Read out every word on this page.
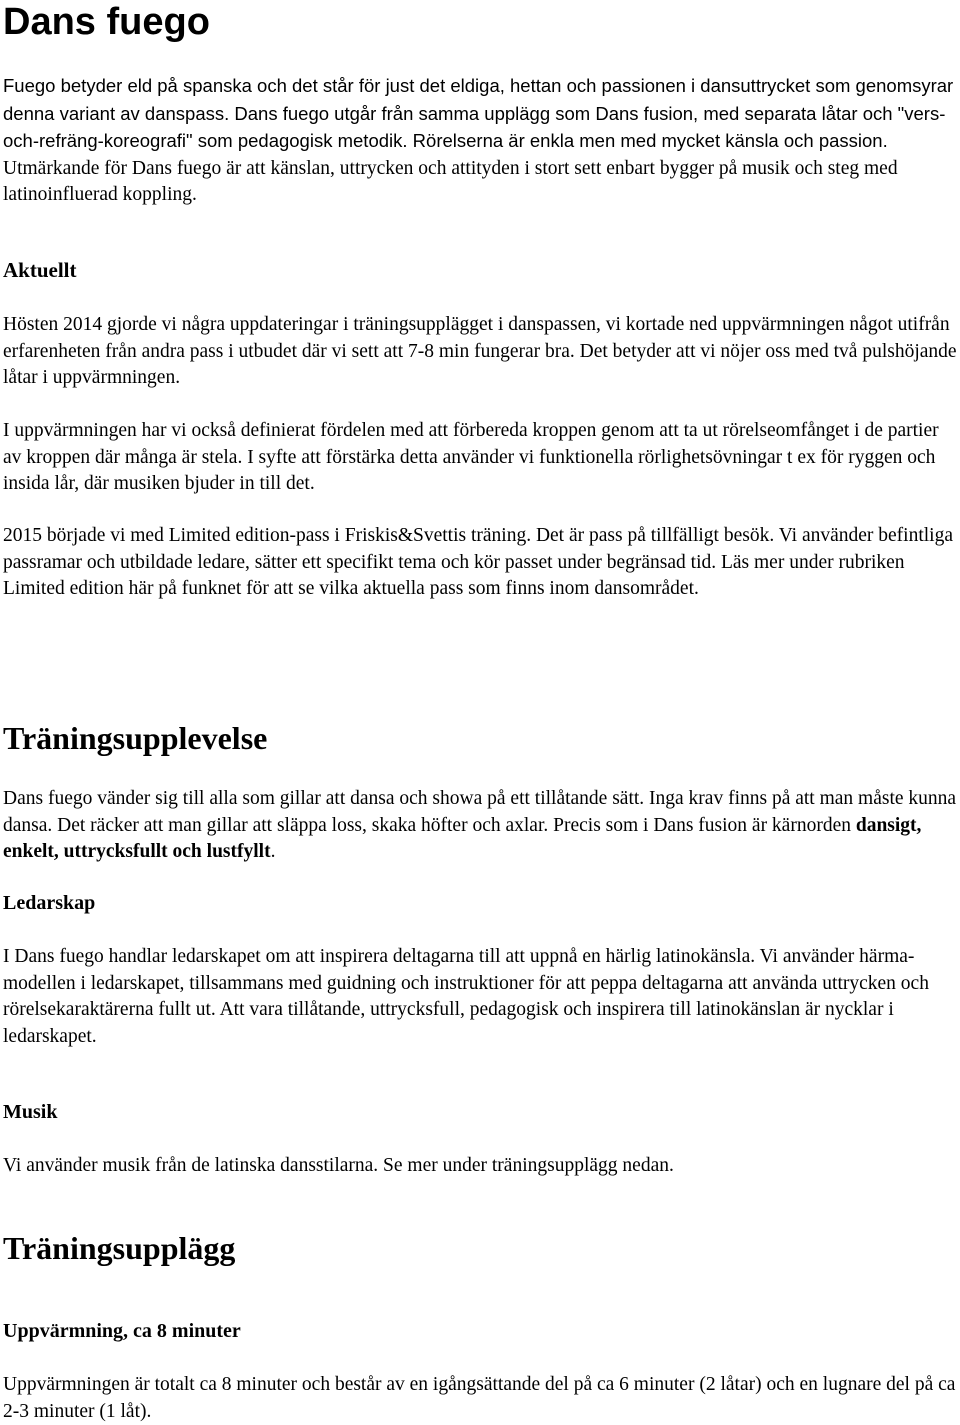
Dans fuego

Fuego betyder eld på spanska och det står för just det eldiga, hettan och passionen i dansuttrycket som genomsyrar denna variant av danspass. Dans fuego utgår från samma upplägg som Dans fusion, med separata låtar och "vers-och-refräng-koreografi" som pedagogisk metodik. Rörelserna är enkla men med mycket känsla och passion. Utmärkande för Dans fuego är att känslan, uttrycken och attityden i stort sett enbart bygger på musik och steg med latinoinfluerad koppling.

Aktuellt

Hösten 2014 gjorde vi några uppdateringar i träningsupplägget i danspassen, vi kortade ned uppvärmningen något utifrån erfarenheten från andra pass i utbudet där vi sett att 7-8 min fungerar bra. Det betyder att vi nöjer oss med två pulshöjande låtar i uppvärmningen.

I uppvärmningen har vi också definierat fördelen med att förbereda kroppen genom att ta ut rörelseomfånget i de partier av kroppen där många är stela. I syfte att förstärka detta använder vi funktionella rörlighetsövningar t ex för ryggen och insida lår, där musiken bjuder in till det.

2015 började vi med Limited edition-pass i Friskis&Svettis träning. Det är pass på tillfälligt besök. Vi använder befintliga passramar och utbildade ledare, sätter ett specifikt tema och kör passet under begränsad tid. Läs mer under rubriken Limited edition här på funknet för att se vilka aktuella pass som finns inom dansområdet.

Träningsupplevelse

Dans fuego vänder sig till alla som gillar att dansa och showa på ett tillåtande sätt. Inga krav finns på att man måste kunna dansa. Det räcker att man gillar att släppa loss, skaka höfter och axlar. Precis som i Dans fusion är kärnorden dansigt, enkelt, uttrycksfullt och lustfyllt.

Ledarskap

I Dans fuego handlar ledarskapet om att inspirera deltagarna till att uppnå en härlig latinokänsla. Vi använder härma-modellen i ledarskapet, tillsammans med guidning och instruktioner för att peppa deltagarna att använda uttrycken och rörelsekaraktärerna fullt ut. Att vara tillåtande, uttrycksfull, pedagogisk och inspirera till latinokänslan är nycklar i ledarskapet.

Musik

Vi använder musik från de latinska dansstilarna. Se mer under träningsupplägg nedan.

Träningsupplägg
Uppvärmning, ca 8 minuter

Uppvärmningen är totalt ca 8 minuter och består av en igångsättande del på ca 6 minuter (2 låtar) och en lugnare del på ca 2-3 minuter (1 låt).
